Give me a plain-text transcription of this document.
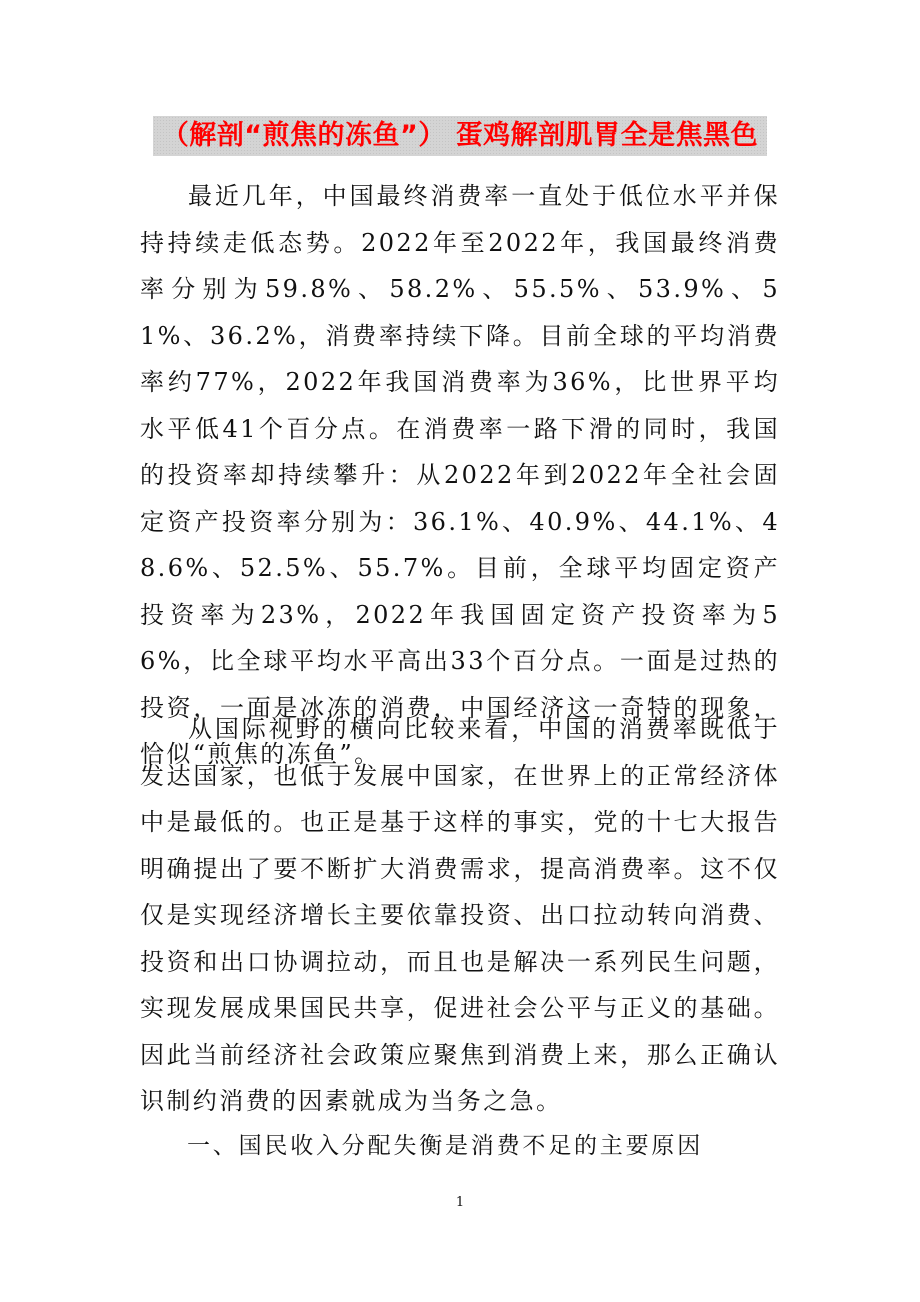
（解剖“煎焦的冻鱼”） 蛋鸡解剖肌胃全是焦黑色

最近几年，中国最终消费率一直处于低位水平并保持持续走低态势。2022年至2022年，我国最终消费率分别为59.8%、58.2%、55.5%、53.9%、51%、36.2%，消费率持续下降。目前全球的平均消费率约77%，2022年我国消费率为36%，比世界平均水平低41个百分点。在消费率一路下滑的同时，我国的投资率却持续攀升：从2022年到2022年全社会固定资产投资率分别为：36.1%、40.9%、44.1%、48.6%、52.5%、55.7%。目前，全球平均固定资产投资率为23%，2022年我国固定资产投资率为56%，比全球平均水平高出33个百分点。一面是过热的投资，一面是冰冻的消费，中国经济这一奇特的现象，恰似“煎焦的冻鱼”。

从国际视野的横向比较来看，中国的消费率既低于发达国家，也低于发展中国家，在世界上的正常经济体中是最低的。也正是基于这样的事实，党的十七大报告明确提出了要不断扩大消费需求，提高消费率。这不仅仅是实现经济增长主要依靠投资、出口拉动转向消费、投资和出口协调拉动，而且也是解决一系列民生问题，实现发展成果国民共享，促进社会公平与正义的基础。因此当前经济社会政策应聚焦到消费上来，那么正确认识制约消费的因素就成为当务之急。

一、国民收入分配失衡是消费不足的主要原因
1
